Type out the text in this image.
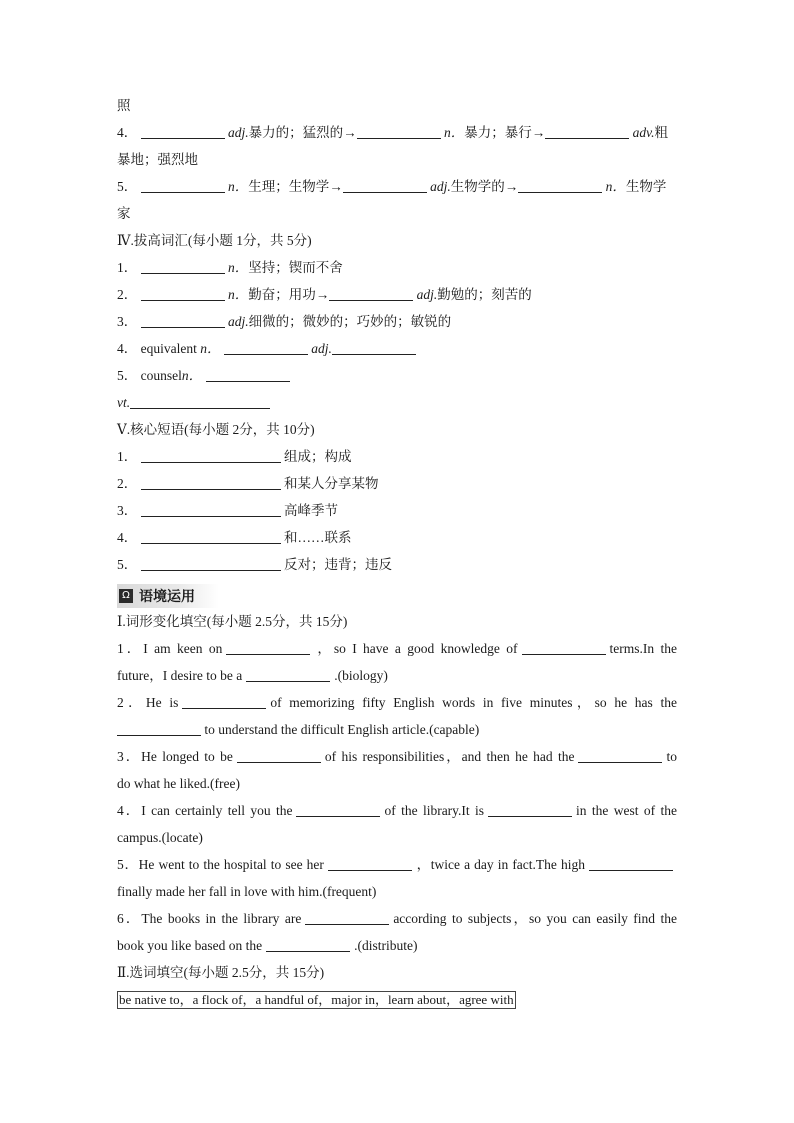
照
4．	adj.暴力的；猛烈的→	n．暴力；暴行→	adv.粗
暴地；强烈地
5．	n．生理；生物学→	adj.生物学的→	n．生物学
家
Ⅳ.拔高词汇(每小题 1分，共 5分)
1．	n．坚持；锲而不舍
2．	n．勤奋；用功→	adj.勤勉的；刻苦的
3．	adj.细微的；微妙的；巧妙的；敏锐的
4． equivalent n．	adj.
5． counseln．
vt.
Ⅴ.核心短语(每小题 2分，共 10分)
1．	组成；构成
2．	和某人分享某物
3．	高峰季节
4．	和……联系
5．	反对；违背；违反
Ω 语境运用
Ⅰ.词形变化填空(每小题 2.5分，共 15分)
1．I am keen on	，so I have a good knowledge of	terms.In the
future，I desire to be a	.(biology)
2．He is	of memorizing fifty English words in five minutes，so he has the
to understand the difficult English article.(capable)
3．He longed to be	of his responsibilities，and then he had the	to
do what he liked.(free)
4．I can certainly tell you the	of the library.It is	in the west of the
campus.(locate)
5．He went to the hospital to see her	，twice a day in fact.The high
finally made her fall in love with him.(frequent)
6．The books in the library are	according to subjects，so you can easily find the
book you like based on the	.(distribute)
Ⅱ.选词填空(每小题 2.5分，共 15分)
be native to，a flock of，a handful of，major in，learn about，agree with
